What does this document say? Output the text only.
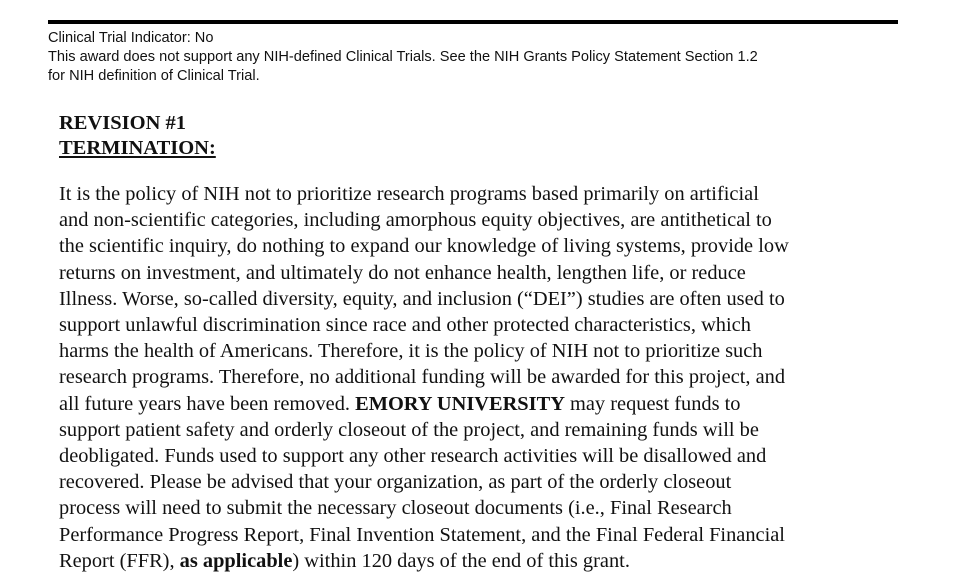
Clinical Trial Indicator: No

This award does not support any NIH-defined Clinical Trials. See the NIH Grants Policy Statement Section 1.2

for NIH definition of Clinical Trial.

REVISION #1
TERMINATION:
It is the policy of NIH not to prioritize research programs based primarily on artificial
and non-scientific categories, including amorphous equity objectives, are antithetical to
the scientific inquiry, do nothing to expand our knowledge of living systems, provide low
returns on investment, and ultimately do not enhance health, lengthen life, or reduce
Illness. Worse, so-called diversity, equity, and inclusion (“DEI”) studies are often used to
support unlawful discrimination since race and other protected characteristics, which
harms the health of Americans. Therefore, it is the policy of NIH not to prioritize such
research programs. Therefore, no additional funding will be awarded for this project, and
all future years have been removed. EMORY UNIVERSITY may request funds to
support patient safety and orderly closeout of the project, and remaining funds will be
deobligated. Funds used to support any other research activities will be disallowed and
recovered. Please be advised that your organization, as part of the orderly closeout
process will need to submit the necessary closeout documents (i.e., Final Research
Performance Progress Report, Final Invention Statement, and the Final Federal Financial
Report (FFR), as applicable) within 120 days of the end of this grant.
